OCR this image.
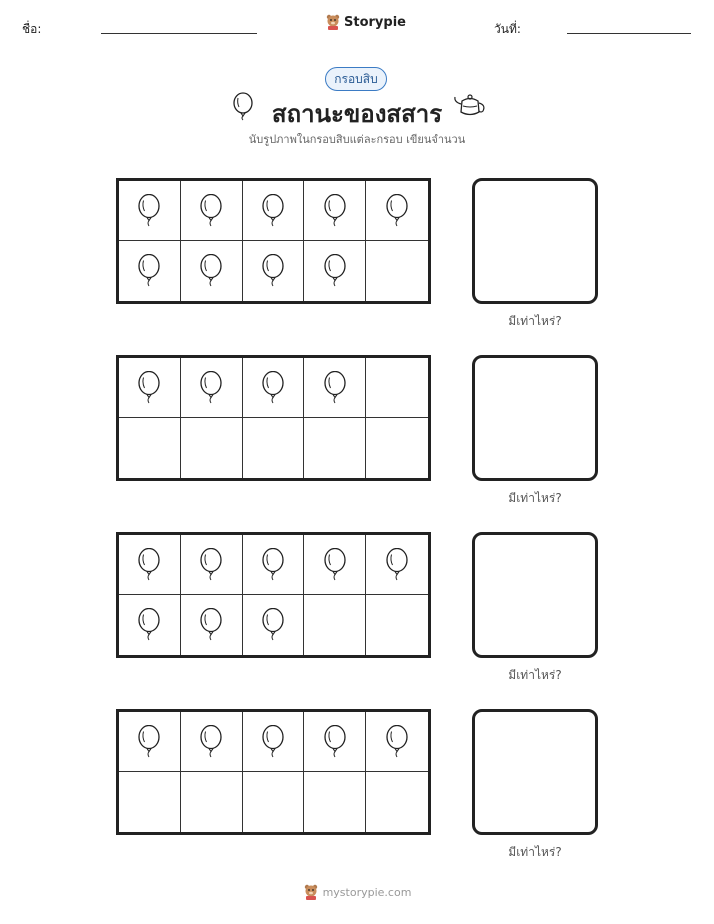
ชื่อ:	Storypie	วันที่:
กรอบสิบ
สถานะของสสาร
นับรูปภาพในกรอบสิบแต่ละกรอบ เขียนจำนวน
มีเท่าไหร่?
มีเท่าไหร่?
มีเท่าไหร่?
มีเท่าไหร่?
mystorypie.com
